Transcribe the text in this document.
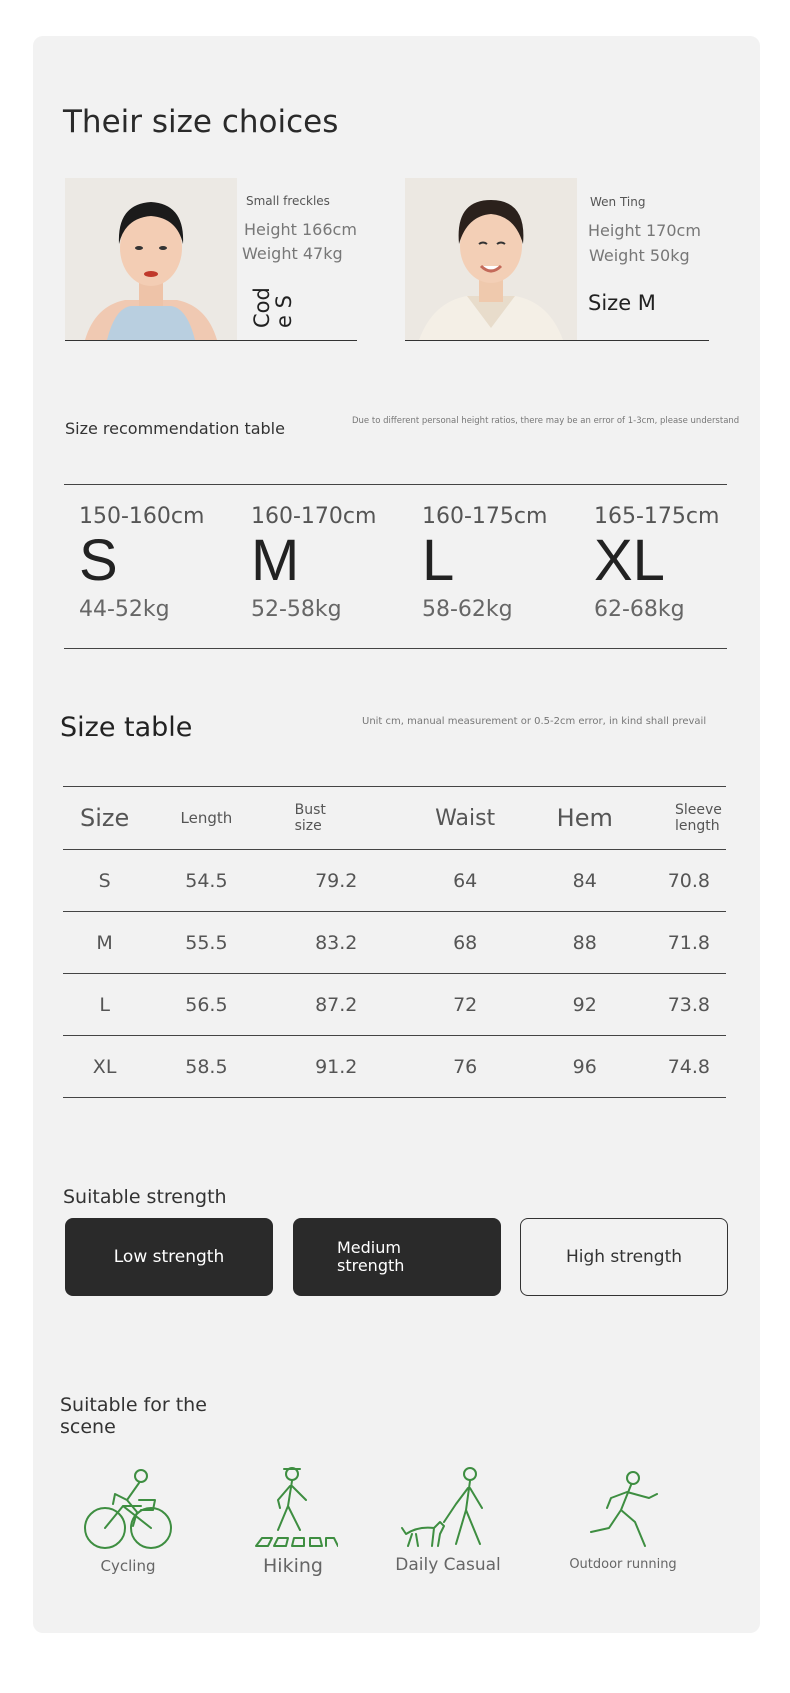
Their size choices
Small freckles
Height 166cm
Weight 47kg
Cod e S
Wen Ting
Height 170cm
Weight 50kg
Size M
Size recommendation table	Due to different personal height ratios, there may be an error of 1-3cm, please understand
150-160cm
S
44-52kg
160-170cm
M
52-58kg
160-175cm
L
58-62kg
165-175cm
XL
62-68kg
Size table	Unit cm, manual measurement or 0.5-2cm error, in kind shall prevail
Size	Length	Bust size	Waist	Hem	Sleeve length

S	54.5	79.2	64	84	70.8
M	55.5	83.2	68	88	71.8
L	56.5	87.2	72	92	73.8
XL	58.5	91.2	76	96	74.8
Suitable strength
Low strength	Medium strength	High strength
Suitable for the scene
Cycling	Hiking	Daily Casual	Outdoor running
